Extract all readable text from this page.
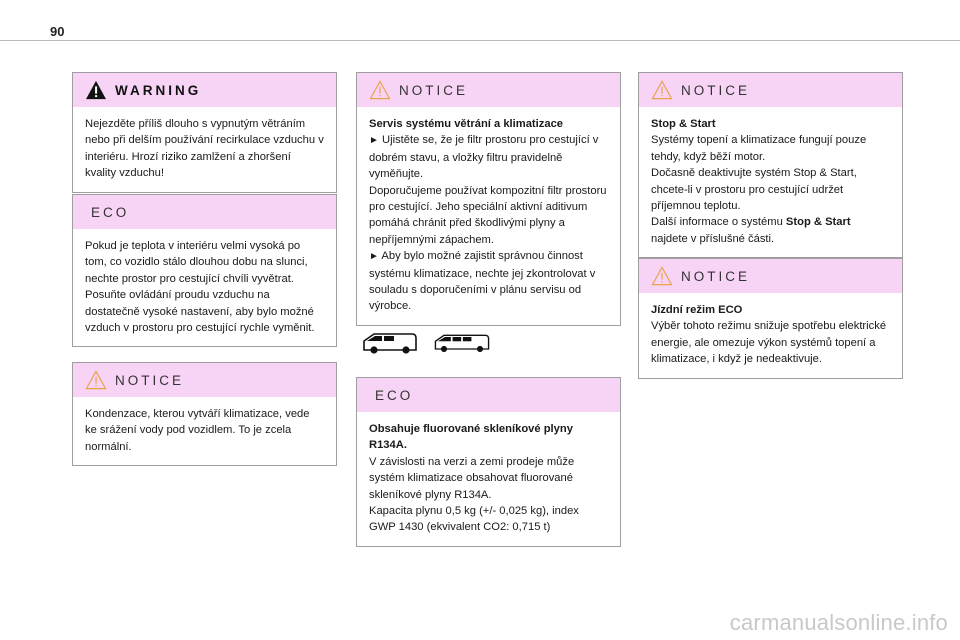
90
WARNING

Nejezděte příliš dlouho s vypnutým větráním nebo při delším používání recirkulace vzduchu v interiéru. Hrozí riziko zamlžení a zhoršení kvality vzduchu!

ECO

Pokud je teplota v interiéru velmi vysoká po tom, co vozidlo stálo dlouhou dobu na slunci, nechte prostor pro cestující chvíli vyvětrat. Posuňte ovládání proudu vzduchu na dostatečně vysoké nastavení, aby bylo možné vzduch v prostoru pro cestující rychle vyměnit.

NOTICE

Kondenzace, kterou vytváří klimatizace, vede ke srážení vody pod vozidlem. To je zcela normální.

NOTICE

Servis systému větrání a klimatizace

► Ujistěte se, že je filtr prostoru pro cestující v dobrém stavu, a vložky filtru pravidelně vyměňujte.

Doporučujeme používat kompozitní filtr prostoru pro cestující. Jeho speciální aktivní aditivum pomáhá chránit před škodlivými plyny a nepříjemnými zápachem.

► Aby bylo možné zajistit správnou činnost systému klimatizace, nechte jej zkontrolovat v souladu s doporučeními v plánu servisu od výrobce.

ECO

Obsahuje fluorované skleníkové plyny R134A.

V závislosti na verzi a zemi prodeje může systém klimatizace obsahovat fluorované skleníkové plyny R134A.

Kapacita plynu 0,5 kg (+/- 0,025 kg), index GWP 1430 (ekvivalent CO2: 0,715 t)

NOTICE

Stop & Start

Systémy topení a klimatizace fungují pouze tehdy, když běží motor.

Dočasně deaktivujte systém Stop & Start, chcete-li v prostoru pro cestující udržet příjemnou teplotu.

Další informace o systému Stop & Start najdete v příslušné části.

NOTICE

Jízdní režim ECO

Výběr tohoto režimu snižuje spotřebu elektrické energie, ale omezuje výkon systémů topení a klimatizace, i když je nedeaktivuje.

carmanualsonline.info
